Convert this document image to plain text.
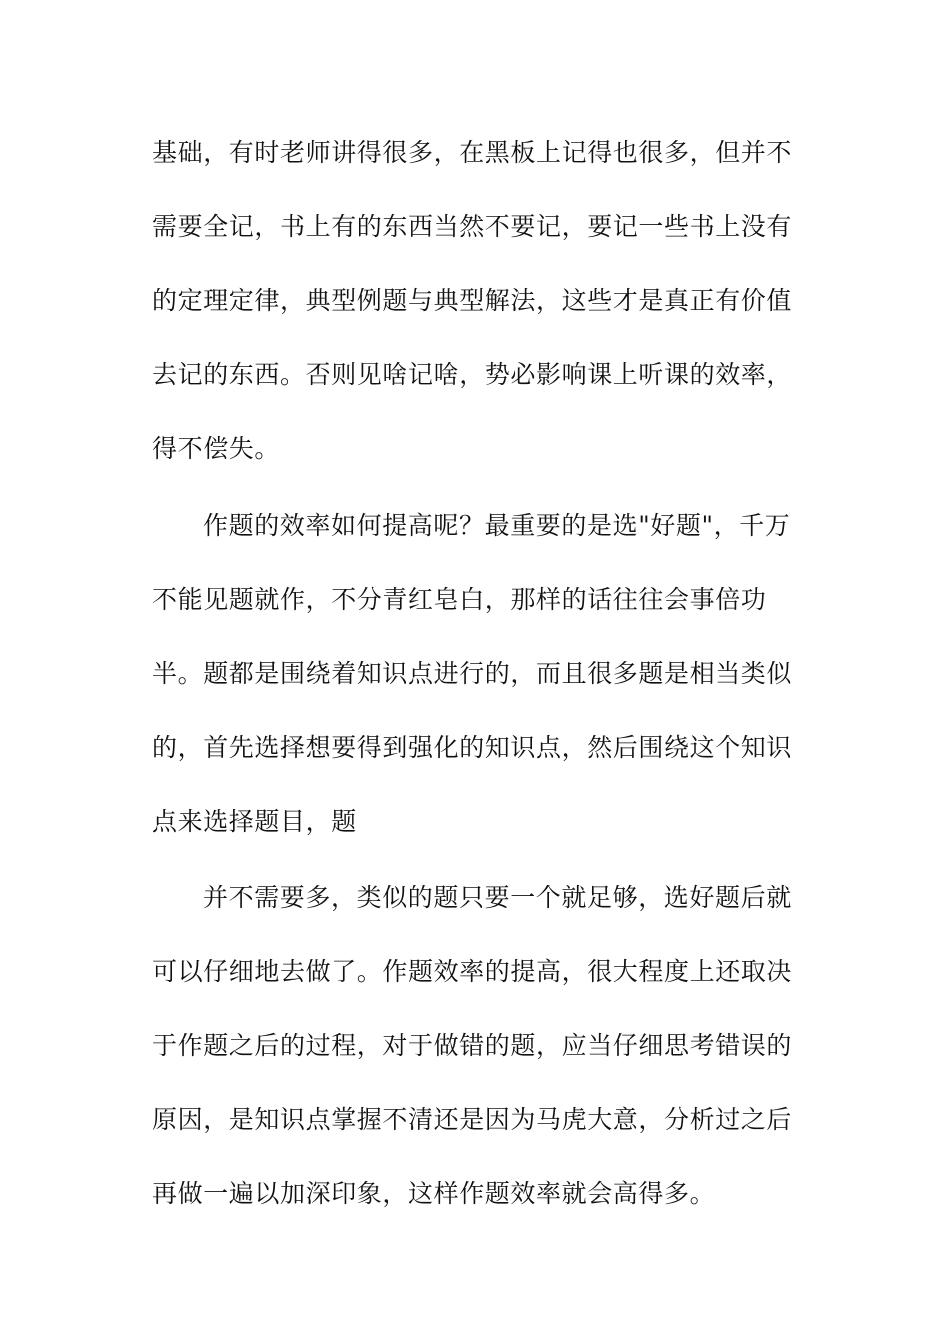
基础，有时老师讲得很多，在黑板上记得也很多，但并不
需要全记，书上有的东西当然不要记，要记一些书上没有
的定理定律，典型例题与典型解法，这些才是真正有价值
去记的东西。否则见啥记啥，势必影响课上听课的效率，
得不偿失。
作题的效率如何提高呢？最重要的是选"好题"，千万
不能见题就作，不分青红皂白，那样的话往往会事倍功
半。题都是围绕着知识点进行的，而且很多题是相当类似
的，首先选择想要得到强化的知识点，然后围绕这个知识
点来选择题目，题
并不需要多，类似的题只要一个就足够，选好题后就
可以仔细地去做了。作题效率的提高，很大程度上还取决
于作题之后的过程，对于做错的题，应当仔细思考错误的
原因，是知识点掌握不清还是因为马虎大意，分析过之后
再做一遍以加深印象，这样作题效率就会高得多。
